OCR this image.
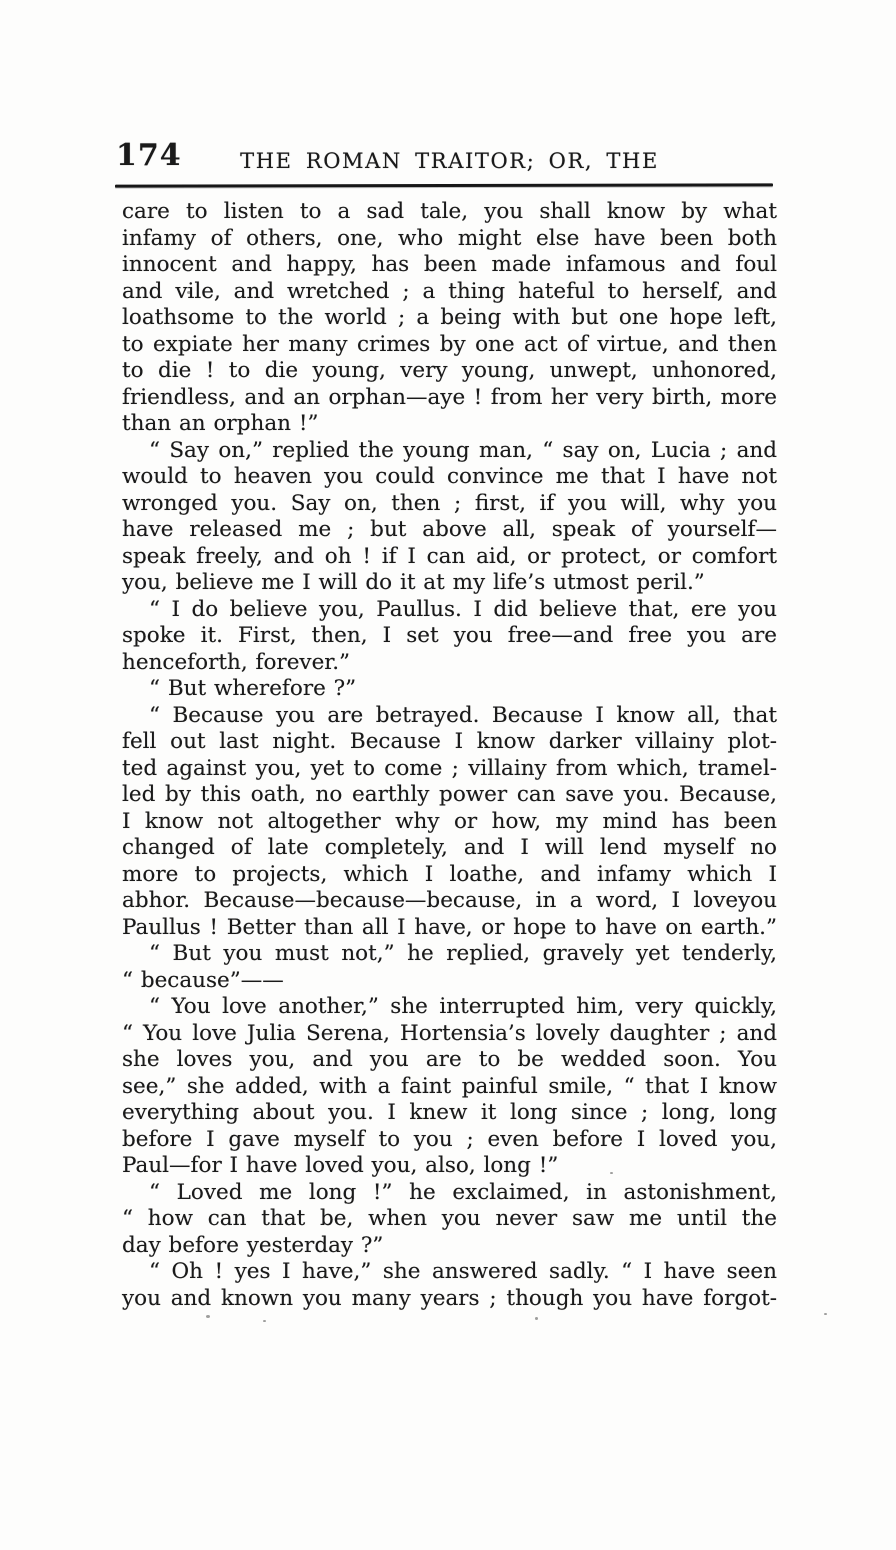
174	THE ROMAN TRAITOR; OR, THE
care to listen to a sad tale, you shall know by what
infamy of others, one, who might else have been both
innocent and happy, has been made infamous and foul
and vile, and wretched ; a thing hateful to herself, and
loathsome to the world ; a being with but one hope left,
to expiate her many crimes by one act of virtue, and then
to die ! to die young, very young, unwept, unhonored,
friendless, and an orphan—aye ! from her very birth, more
than an orphan !”
“ Say on,” replied the young man, “ say on, Lucia ; and
would to heaven you could convince me that I have not
wronged you. Say on, then ; first, if you will, why you
have released me ; but above all, speak of yourself—
speak freely, and oh ! if I can aid, or protect, or comfort
you, believe me I will do it at my life’s utmost peril.”
“ I do believe you, Paullus. I did believe that, ere you
spoke it. First, then, I set you free—and free you are
henceforth, forever.”
“ But wherefore ?”
“ Because you are betrayed. Because I know all, that
fell out last night. Because I know darker villainy plot-
ted against you, yet to come ; villainy from which, tramel-
led by this oath, no earthly power can save you. Because,
I know not altogether why or how, my mind has been
changed of late completely, and I will lend myself no
more to projects, which I loathe, and infamy which I
abhor. Because—because—because, in a word, I loveyou
Paullus ! Better than all I have, or hope to have on earth.”
“ But you must not,” he replied, gravely yet tenderly,
“ because”——
“ You love another,” she interrupted him, very quickly,
“ You love Julia Serena, Hortensia’s lovely daughter ; and
she loves you, and you are to be wedded soon. You
see,” she added, with a faint painful smile, “ that I know
everything about you. I knew it long since ; long, long
before I gave myself to you ; even before I loved you,
Paul—for I have loved you, also, long !”
“ Loved me long !” he exclaimed, in astonishment,
“ how can that be, when you never saw me until the
day before yesterday ?”
“ Oh ! yes I have,” she answered sadly. “ I have seen
you and known you many years ; though you have forgot-
